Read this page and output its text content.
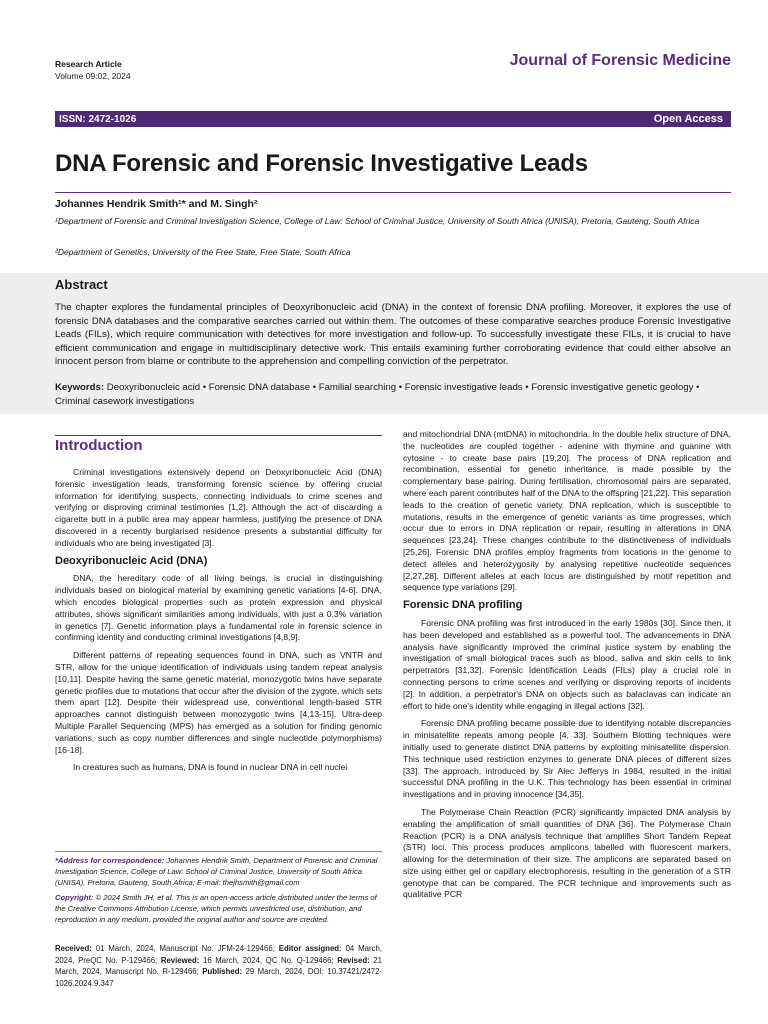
Research Article
Volume 09:02, 2024
Journal of Forensic Medicine
ISSN: 2472-1026	Open Access
DNA Forensic and Forensic Investigative Leads
Johannes Hendrik Smith¹* and M. Singh²
¹Department of Forensic and Criminal Investigation Science, College of Law: School of Criminal Justice, University of South Africa (UNISA), Pretoria, Gauteng, South Africa
²Department of Genetics, University of the Free State, Free State, South Africa
Abstract
The chapter explores the fundamental principles of Deoxyribonucleic acid (DNA) in the context of forensic DNA profiling. Moreover, it explores the use of forensic DNA databases and the comparative searches carried out within them. The outcomes of these comparative searches produce Forensic Investigative Leads (FILs), which require communication with detectives for more investigation and follow-up. To successfully investigate these FILs, it is crucial to have efficient communication and engage in multidisciplinary detective work. This entails examining further corroborating evidence that could either absolve an innocent person from blame or contribute to the apprehension and compelling conviction of the perpetrator.
Keywords: Deoxyribonucleic acid • Forensic DNA database • Familial searching • Forensic investigative leads • Forensic investigative genetic geology • Criminal casework investigations
Introduction

Criminal investigations extensively depend on Deoxyribonucleic Acid (DNA) forensic investigation leads, transforming forensic science by offering crucial information for identifying suspects, connecting individuals to crime scenes and verifying or disproving criminal testimonies [1,2]. Although the act of discarding a cigarette butt in a public area may appear harmless, justifying the presence of DNA discovered in a recently burglarised residence presents a substantial difficulty for individuals who are being investigated [3].

Deoxyribonucleic Acid (DNA)

DNA, the hereditary code of all living beings, is crucial in distinguishing individuals based on biological material by examining genetic variations [4-6]. DNA, which encodes biological properties such as protein expression and physical attributes, shows significant similarities among individuals, with just a 0.3% variation in genetics [7]. Genetic information plays a fundamental role in forensic science in confirming identity and conducting criminal investigations [4,8,9].

Different patterns of repeating sequences found in DNA, such as VNTR and STR, allow for the unique identification of individuals using tandem repeat analysis [10,11]. Despite having the same genetic material, monozygotic twins have separate genetic profiles due to mutations that occur after the division of the zygote, which sets them apart [12]. Despite their widespread use, conventional length-based STR approaches cannot distinguish between monozygotic twins [4,13-15]. Ultra-deep Multiple Parallel Sequencing (MPS) has emerged as a solution for finding genomic variations, such as copy number differences and single nucleotide polymorphisms) [16-18].

In creatures such as humans, DNA is found in nuclear DNA in cell nuclei

*Address for correspondence: Johannes Hendrik Smith, Department of Forensic and Criminal Investigation Science, College of Law: School of Criminal Justice, University of South Africa (UNISA), Pretoria, Gauteng, South Africa; E-mail: thejhsmith@gmail.com
Copyright: © 2024 Smith JH, et al. This is an open-access article distributed under the terms of the Creative Commons Attribution License, which permits unrestricted use, distribution, and reproduction in any medium, provided the original author and source are credited.
Received: 01 March, 2024, Manuscript No. JFM-24-129466; Editor assigned: 04 March, 2024, PreQC No. P-129466; Reviewed: 16 March, 2024, QC No. Q-129466; Revised: 21 March, 2024, Manuscript No. R-129466; Published: 29 March, 2024, DOI: 10.37421/2472-1026.2024.9.347

and mitochondrial DNA (mtDNA) in mitochondria. In the double helix structure of DNA, the nucleotides are coupled together - adenine with thymine and guanine with cytosine - to create base pairs [19,20]. The process of DNA replication and recombination, essential for genetic inheritance, is made possible by the complementary base pairing. During fertilisation, chromosomal pairs are separated, where each parent contributes half of the DNA to the offspring [21,22]. This separation leads to the creation of genetic variety. DNA replication, which is susceptible to mutations, results in the emergence of genetic variants as time progresses, which occur due to errors in DNA replication or repair, resulting in alterations in DNA sequences [23,24]. These changes contribute to the distinctiveness of individuals [25,26]. Forensic DNA profiles employ fragments from locations in the genome to detect alleles and heterozygosity by analysing repetitive nucleotide sequences [2,27,28]. Different alleles at each locus are distinguished by motif repetition and sequence type variations [29].

Forensic DNA profiling

Forensic DNA profiling was first introduced in the early 1980s [30]. Since then, it has been developed and established as a powerful tool. The advancements in DNA analysis have significantly improved the criminal justice system by enabling the investigation of small biological traces such as blood, saliva and skin cells to link perpetrators [31,32]. Forensic Identification Leads (FILs) play a crucial role in connecting persons to crime scenes and verifying or disproving reports of incidents [2]. In addition, a perpetrator's DNA on objects such as balaclavas can indicate an effort to hide one's identity while engaging in illegal actions [32].

Forensic DNA profiling became possible due to identifying notable discrepancies in minisatellite repeats among people [4, 33]. Southern Blotting techniques were initially used to generate distinct DNA patterns by exploiting minisatellite dispersion. This technique used restriction enzymes to generate DNA pieces of different sizes [33]. The approach, introduced by Sir Alec Jefferys in 1984, resulted in the initial successful DNA profiling in the U.K. This technology has been essential in criminal investigations and in proving innocence [34,35].

The Polymerase Chain Reaction (PCR) significantly impacted DNA analysis by enabling the amplification of small quantities of DNA [36]. The Polymerase Chain Reaction (PCR) is a DNA analysis technique that amplifies Short Tandem Repeat (STR) loci. This process produces amplicons labelled with fluorescent markers, allowing for the determination of their size. The amplicons are separated based on size using either gel or capillary electrophoresis, resulting in the generation of a STR genotype that can be compared. The PCR technique and improvements such as qualitative PCR
